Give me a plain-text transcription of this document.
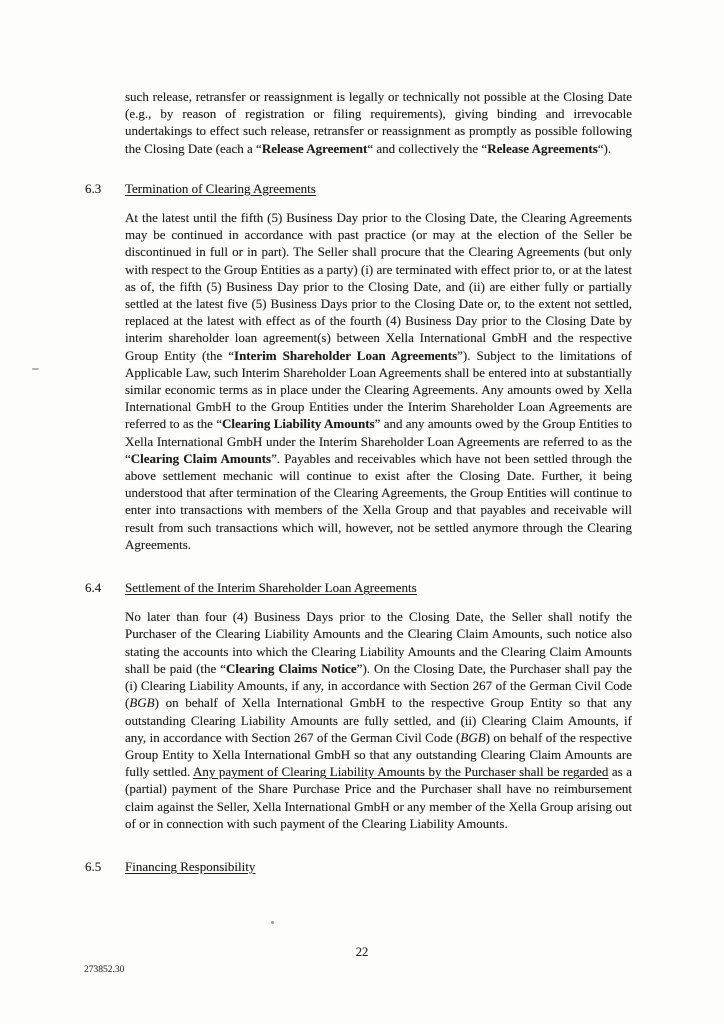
such release, retransfer or reassignment is legally or technically not possible at the Closing Date (e.g., by reason of registration or filing requirements), giving binding and irrevocable undertakings to effect such release, retransfer or reassignment as promptly as possible following the Closing Date (each a “Release Agreement“ and collectively the “Release Agreements“).

6.3	Termination of Clearing Agreements

At the latest until the fifth (5) Business Day prior to the Closing Date, the Clearing Agreements may be continued in accordance with past practice (or may at the election of the Seller be discontinued in full or in part). The Seller shall procure that the Clearing Agreements (but only with respect to the Group Entities as a party) (i) are terminated with effect prior to, or at the latest as of, the fifth (5) Business Day prior to the Closing Date, and (ii) are either fully or partially settled at the latest five (5) Business Days prior to the Closing Date or, to the extent not settled, replaced at the latest with effect as of the fourth (4) Business Day prior to the Closing Date by interim shareholder loan agreement(s) between Xella International GmbH and the respective Group Entity (the “Interim Shareholder Loan Agreements”). Subject to the limitations of Applicable Law, such Interim Shareholder Loan Agreements shall be entered into at substantially similar economic terms as in place under the Clearing Agreements. Any amounts owed by Xella International GmbH to the Group Entities under the Interim Shareholder Loan Agreements are referred to as the “Clearing Liability Amounts” and any amounts owed by the Group Entities to Xella International GmbH under the Interim Shareholder Loan Agreements are referred to as the “Clearing Claim Amounts”. Payables and receivables which have not been settled through the above settlement mechanic will continue to exist after the Closing Date. Further, it being understood that after termination of the Clearing Agreements, the Group Entities will continue to enter into transactions with members of the Xella Group and that payables and receivable will result from such transactions which will, however, not be settled anymore through the Clearing Agreements.

6.4	Settlement of the Interim Shareholder Loan Agreements

No later than four (4) Business Days prior to the Closing Date, the Seller shall notify the Purchaser of the Clearing Liability Amounts and the Clearing Claim Amounts, such notice also stating the accounts into which the Clearing Liability Amounts and the Clearing Claim Amounts shall be paid (the “Clearing Claims Notice”). On the Closing Date, the Purchaser shall pay the (i) Clearing Liability Amounts, if any, in accordance with Section 267 of the German Civil Code (BGB) on behalf of Xella International GmbH to the respective Group Entity so that any outstanding Clearing Liability Amounts are fully settled, and (ii) Clearing Claim Amounts, if any, in accordance with Section 267 of the German Civil Code (BGB) on behalf of the respective Group Entity to Xella International GmbH so that any outstanding Clearing Claim Amounts are fully settled. Any payment of Clearing Liability Amounts by the Purchaser shall be regarded as a (partial) payment of the Share Purchase Price and the Purchaser shall have no reimbursement claim against the Seller, Xella International GmbH or any member of the Xella Group arising out of or in connection with such payment of the Clearing Liability Amounts.

6.5	Financing Responsibility
22
273852.30
